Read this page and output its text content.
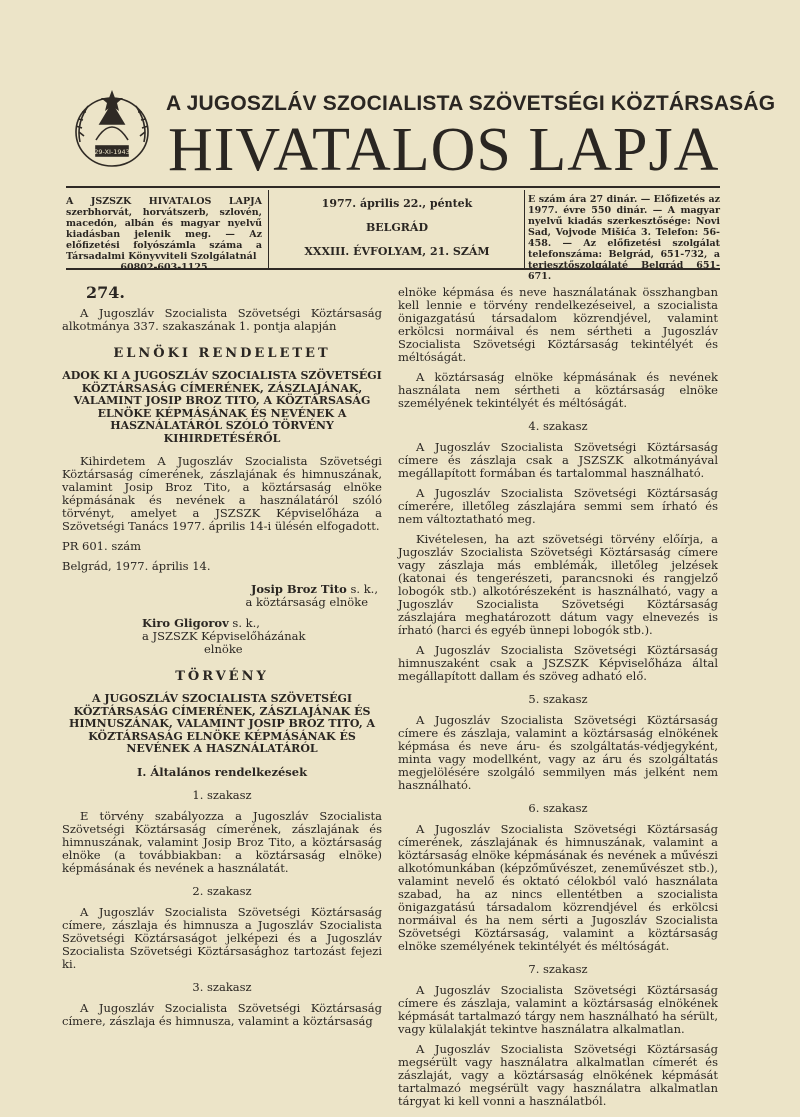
29-XI-1943
A JUGOSZLÁV SZOCIALISTA SZÖVETSÉGI KÖZTÁRSASÁG
HIVATALOS LAPJA
A JSZSZK HIVATALOS LAPJA szerbhorvát, horvátszerb, szlovén, macedón, albán és magyar nyelvű kiadásban jelenik meg. — Az előfizetési folyószámla száma a Társadalmi Könyvviteli Szolgálatnál
60802-603-1125
1977. április 22., péntek
BELGRÁD
XXXIII. ÉVFOLYAM, 21. SZÁM
E szám ára 27 dinár. — Előfizetés az 1977. évre 550 dinár. — A magyar nyelvű kiadás szerkesztősége: Novi Sad, Vojvode Mišića 3. Telefon: 56-458. — Az előfizetési szolgálat telefonszáma: Belgrád, 651-732, a terjesztőszolgálaté Belgrád 651-671.
274.

A Jugoszláv Szocialista Szövetségi Köztársaság alkotmánya 337. szakaszának 1. pontja alapján

ELNÖKI RENDELETET
ADOK KI A JUGOSZLÁV SZOCIALISTA SZÖVETSÉGI KÖZTÁRSASÁG CÍMERÉNEK, ZÁSZLAJÁNAK, VALAMINT JOSIP BROZ TITO, A KÖZTÁRSASÁG ELNÖKE KÉPMÁSÁNAK ÉS NEVÉNEK A HASZNÁLATÁRÓL SZÓLÓ TÖRVÉNY KIHIRDETÉSÉRŐL

Kihirdetem A Jugoszláv Szocialista Szövetségi Köztársaság címerének, zászlajának és himnuszának, valamint Josip Broz Tito, a köztársaság elnöke képmásának és nevének a használatáról szóló törvényt, amelyet a JSZSZK Képviselőháza a Szövetségi Tanács 1977. április 14-i ülésén elfogadott.

PR 601. szám

Belgrád, 1977. április 14.

Josip Broz Tito s. k.,
a köztársaság elnöke
Kiro Gligorov s. k.,
a JSZSZK Képviselőházának
elnöke
TÖRVÉNY
A JUGOSZLÁV SZOCIALISTA SZÖVETSÉGI KÖZTÁRSASÁG CÍMERÉNEK, ZÁSZLAJÁNAK ÉS HIMNUSZÁNAK, VALAMINT JOSIP BROZ TITO, A KÖZTÁRSASÁG ELNÖKE KÉPMÁSÁNAK ÉS NEVÉNEK A HASZNÁLATÁRÓL
I. Általános rendelkezések
1. szakasz

E törvény szabályozza a Jugoszláv Szocialista Szövetségi Köztársaság címerének, zászlajának és himnuszának, valamint Josip Broz Tito, a köztársaság elnöke (a továbbiakban: a köztársaság elnöke) képmásának és nevének a használatát.

2. szakasz

A Jugoszláv Szocialista Szövetségi Köztársaság címere, zászlaja és himnusza a Jugoszláv Szocialista Szövetségi Köztársaságot jelképezi és a Jugoszláv Szocialista Szövetségi Köztársasághoz tartozást fejezi ki.

3. szakasz

A Jugoszláv Szocialista Szövetségi Köztársaság címere, zászlaja és himnusza, valamint a köztársaság

elnöke képmása és neve használatának összhangban kell lennie e törvény rendelkezéseivel, a szocialista önigazgatású társadalom közrendjével, valamint erkölcsi normáival és nem sértheti a Jugoszláv Szocialista Szövetségi Köztársaság tekintélyét és méltóságát.

A köztársaság elnöke képmásának és nevének használata nem sértheti a köztársaság elnöke személyének tekintélyét és méltóságát.

4. szakasz

A Jugoszláv Szocialista Szövetségi Köztársaság címere és zászlaja csak a JSZSZK alkotmányával megállapított formában és tartalommal használható.

A Jugoszláv Szocialista Szövetségi Köztársaság címerére, illetőleg zászlajára semmi sem írható és nem változtatható meg.

Kivételesen, ha azt szövetségi törvény előírja, a Jugoszláv Szocialista Szövetségi Köztársaság címere vagy zászlaja más emblémák, illetőleg jelzések (katonai és tengerészeti, parancsnoki és rangjelző lobogók stb.) alkotórészeként is használható, vagy a Jugoszláv Szocialista Szövetségi Köztársaság zászlajára meghatározott dátum vagy elnevezés is írható (harci és egyéb ünnepi lobogók stb.).

A Jugoszláv Szocialista Szövetségi Köztársaság himnuszaként csak a JSZSZK Képviselőháza által megállapított dallam és szöveg adható elő.

5. szakasz

A Jugoszláv Szocialista Szövetségi Köztársaság címere és zászlaja, valamint a köztársaság elnökének képmása és neve áru- és szolgáltatás-védjegyként, minta vagy modellként, vagy az áru és szolgáltatás megjelölésére szolgáló semmilyen más jelként nem használható.

6. szakasz

A Jugoszláv Szocialista Szövetségi Köztársaság címerének, zászlajának és himnuszának, valamint a köztársaság elnöke képmásának és nevének a művészi alkotómunkában (képzőművészet, zeneművészet stb.), valamint nevelő és oktató célokból való használata szabad, ha az nincs ellentétben a szocialista önigazgatású társadalom közrendjével és erkölcsi normáival és ha nem sérti a Jugoszláv Szocialista Szövetségi Köztársaság, valamint a köztársaság elnöke személyének tekintélyét és méltóságát.

7. szakasz

A Jugoszláv Szocialista Szövetségi Köztársaság címere és zászlaja, valamint a köztársaság elnökének képmását tartalmazó tárgy nem használható ha sérült, vagy külalakját tekintve használatra alkalmatlan.

A Jugoszláv Szocialista Szövetségi Köztársaság megsérült vagy használatra alkalmatlan címerét és zászlaját, vagy a köztársaság elnökének képmását tartalmazó megsérült vagy használatra alkalmatlan tárgyat ki kell vonni a használatból.
